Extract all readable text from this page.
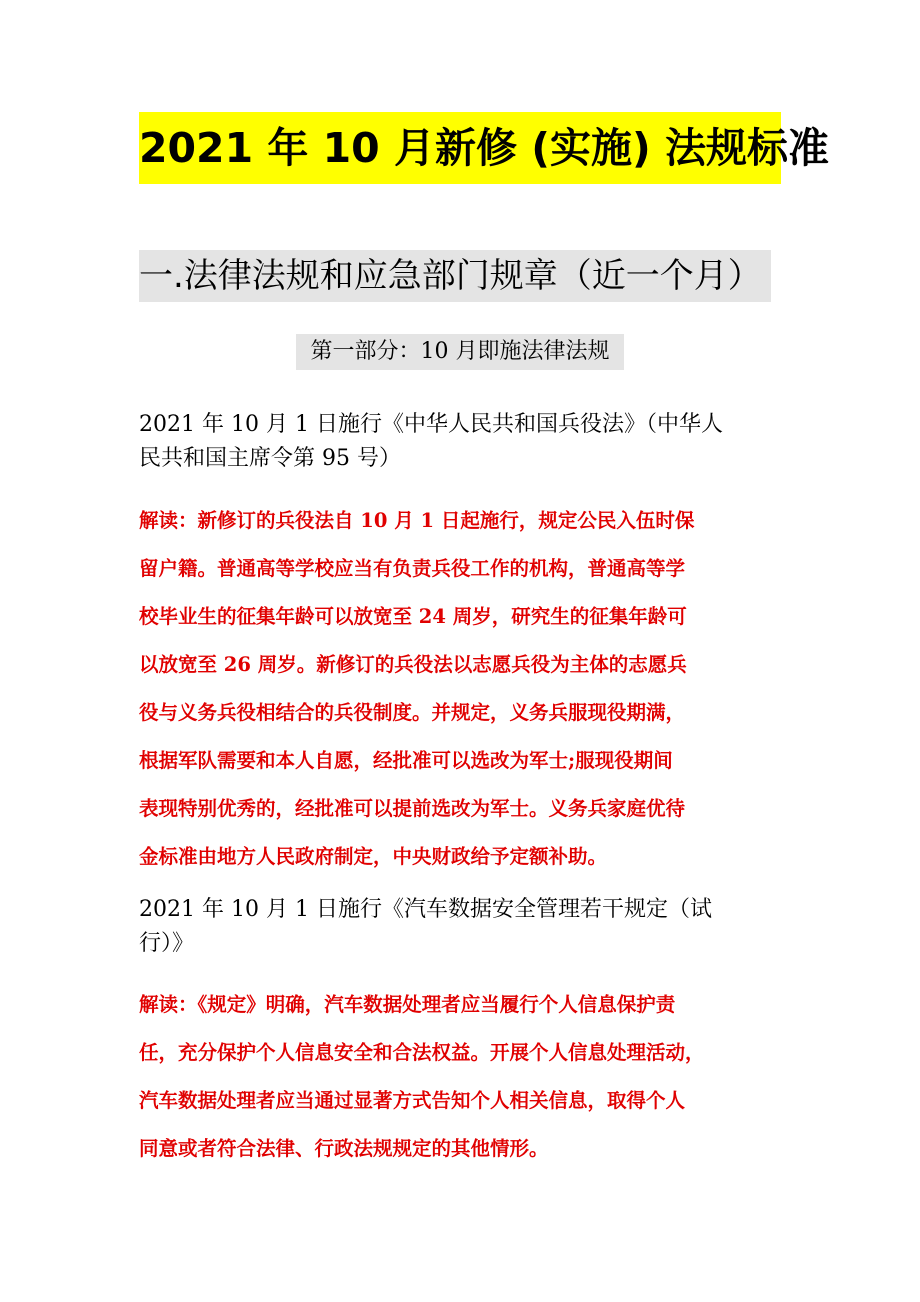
2021 年 10 月新修 (实施) 法规标准
一.法律法规和应急部门规章（近一个月）
第一部分：10 月即施法律法规
2021 年 10 月 1 日施行《中华人民共和国兵役法》（中华人
民共和国主席令第 95 号）
解读：新修订的兵役法自 10 月 1 日起施行，规定公民入伍时保
留户籍。普通高等学校应当有负责兵役工作的机构，普通高等学
校毕业生的征集年龄可以放宽至 24 周岁，研究生的征集年龄可
以放宽至 26 周岁。新修订的兵役法以志愿兵役为主体的志愿兵
役与义务兵役相结合的兵役制度。并规定，义务兵服现役期满，
根据军队需要和本人自愿，经批准可以选改为军士;服现役期间
表现特别优秀的，经批准可以提前选改为军士。义务兵家庭优待
金标准由地方人民政府制定，中央财政给予定额补助。
2021 年 10 月 1 日施行《汽车数据安全管理若干规定（试
行）》
解读：《规定》明确，汽车数据处理者应当履行个人信息保护责
任，充分保护个人信息安全和合法权益。开展个人信息处理活动，
汽车数据处理者应当通过显著方式告知个人相关信息，取得个人
同意或者符合法律、行政法规规定的其他情形。
